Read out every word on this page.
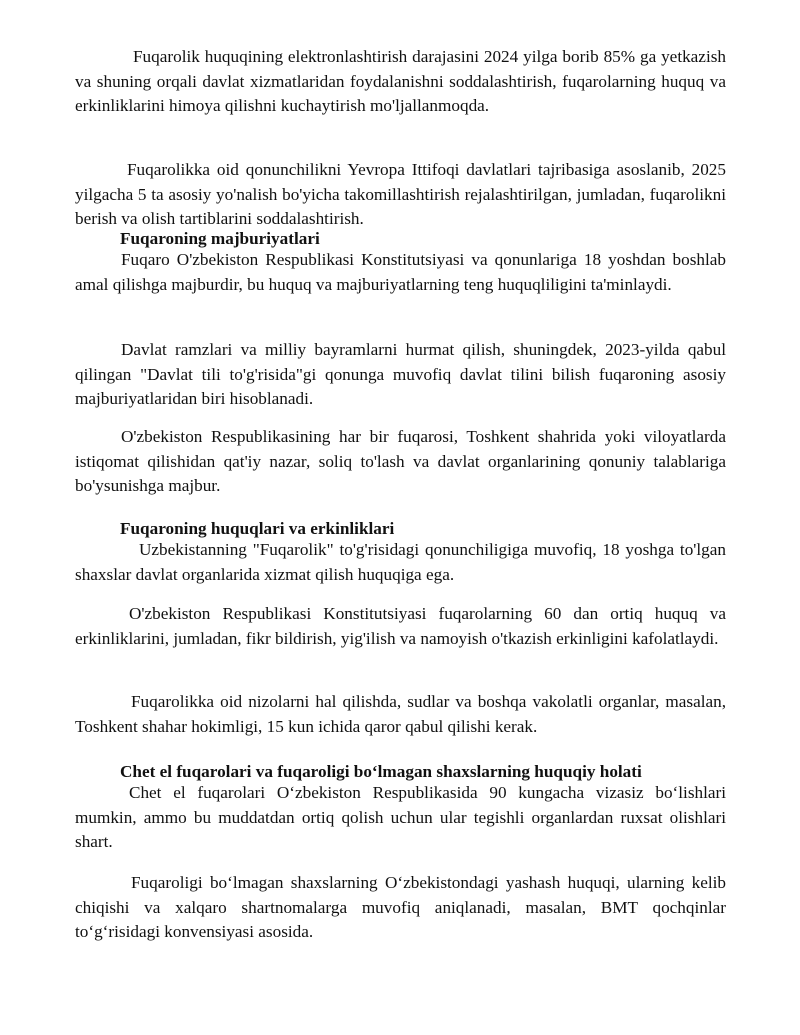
Fuqarolik huquqining elektronlashtirish darajasini 2024 yilga borib 85% ga yetkazish va shuning orqali davlat xizmatlaridan foydalanishni soddalashtirish, fuqarolarning huquq va erkinliklarini himoya qilishni kuchaytirish mo'ljallanmoqda.

Fuqarolikka oid qonunchilikni Yevropa Ittifoqi davlatlari tajribasiga asoslanib, 2025 yilgacha 5 ta asosiy yo'nalish bo'yicha takomillashtirish rejalashtirilgan, jumladan, fuqarolikni berish va olish tartiblarini soddalashtirish.

Fuqaroning majburiyatlari

Fuqaro O'zbekiston Respublikasi Konstitutsiyasi va qonunlariga 18 yoshdan boshlab amal qilishga majburdir, bu huquq va majburiyatlarning teng huquqliligini ta'minlaydi.

Davlat ramzlari va milliy bayramlarni hurmat qilish, shuningdek, 2023-yilda qabul qilingan "Davlat tili to'g'risida"gi qonunga muvofiq davlat tilini bilish fuqaroning asosiy majburiyatlaridan biri hisoblanadi.

O'zbekiston Respublikasining har bir fuqarosi, Toshkent shahrida yoki viloyatlarda istiqomat qilishidan qat'iy nazar, soliq to'lash va davlat organlarining qonuniy talablariga bo'ysunishga majbur.

Fuqaroning huquqlari va erkinliklari

Uzbekistanning "Fuqarolik" to'g'risidagi qonunchiligiga muvofiq, 18 yoshga to'lgan shaxslar davlat organlarida xizmat qilish huquqiga ega.

O'zbekiston Respublikasi Konstitutsiyasi fuqarolarning 60 dan ortiq huquq va erkinliklarini, jumladan, fikr bildirish, yig'ilish va namoyish o'tkazish erkinligini kafolatlaydi.

Fuqarolikka oid nizolarni hal qilishda, sudlar va boshqa vakolatli organlar, masalan, Toshkent shahar hokimligi, 15 kun ichida qaror qabul qilishi kerak.

Chet el fuqarolari va fuqaroligi bo‘lmagan shaxslarning huquqiy holati

Chet el fuqarolari O‘zbekiston Respublikasida 90 kungacha vizasiz bo‘lishlari mumkin, ammo bu muddatdan ortiq qolish uchun ular tegishli organlardan ruxsat olishlari shart.

Fuqaroligi bo‘lmagan shaxslarning O‘zbekistondagi yashash huquqi, ularning kelib chiqishi va xalqaro shartnomalarga muvofiq aniqlanadi, masalan, BMT qochqinlar to‘g‘risidagi konvensiyasi asosida.
